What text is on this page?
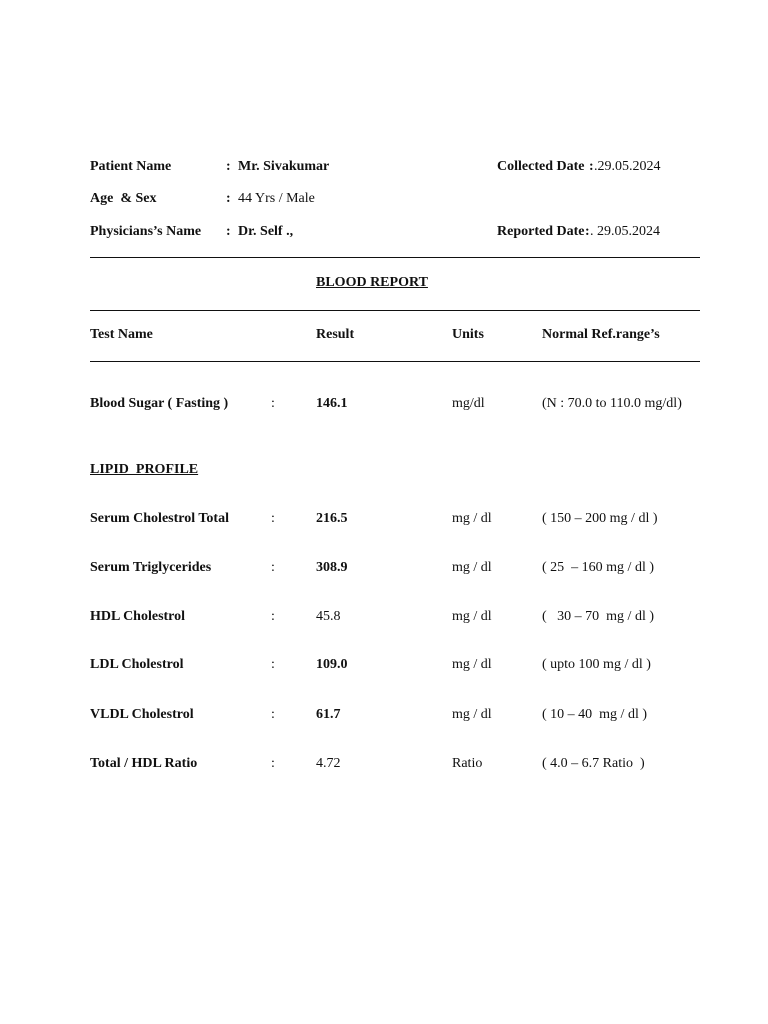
Patient Name	: Mr. Sivakumar
Age  & Sex	: 44 Yrs / Male
Physicians’s Name : Dr. Self .,
Collected Date : .29.05.2024
Reported Date : . 29.05.2024
BLOOD REPORT
Test Name	Result	Units	Normal Ref.range’s
Blood Sugar ( Fasting )	:	146.1	mg/dl	(N : 70.0 to 110.0 mg/dl)
LIPID  PROFILE
Serum Cholestrol Total	:	216.5	mg / dl	( 150 – 200 mg / dl )
Serum Triglycerides	:	308.9	mg / dl	( 25  – 160 mg / dl )
HDL Cholestrol	:	45.8	mg / dl	(   30 – 70  mg / dl )
LDL Cholestrol	:	109.0	mg / dl	( upto 100 mg / dl )
VLDL Cholestrol	:	61.7	mg / dl	( 10 – 40  mg / dl )
Total / HDL Ratio	:	4.72	Ratio	( 4.0 – 6.7 Ratio  )
